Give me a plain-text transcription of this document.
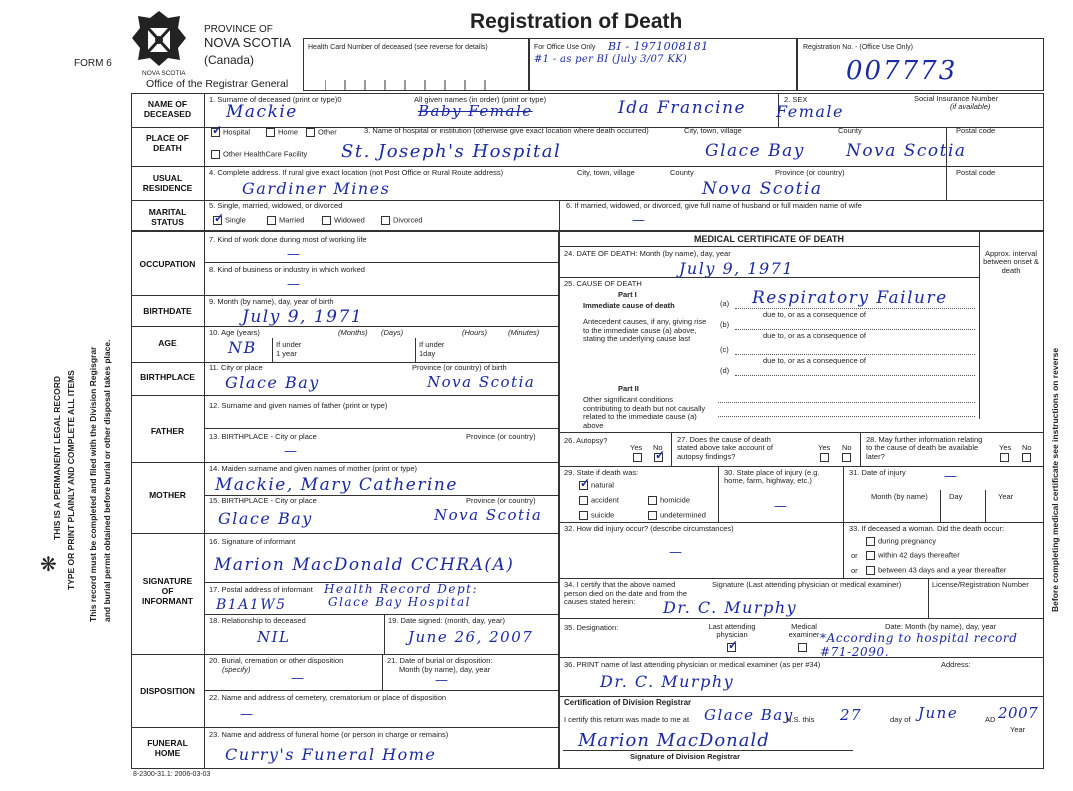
NOVA SCOTIA
PROVINCE OF
NOVA SCOTIA
(Canada)
Office of the Registrar General
FORM 6
Registration of Death
Health Card Number of deceased (see reverse for details)	For Office Use Only BI - 1971008181
#1 - as per BI (July 3/07 KK)
Registration No. - (Office Use Only)
007773
❋
THIS IS A PERMANENT LEGAL RECORD TYPE OR PRINT PLAINLY AND COMPLETE ALL ITEMS This record must be completed and filed with the Division Regisgrar and burial permit obtained before burial or other disposal takes place.	Before completing medical certificate see instructions on reverse
NAME OF
DECEASED
PLACE OF
DEATH
USUAL
RESIDENCE
MARITAL
STATUS
OCCUPATION
BIRTHDATE
AGE
BIRTHPLACE
FATHER
MOTHER
SIGNATURE
OF
INFORMANT
DISPOSITION
FUNERAL
HOME
1. Surname of deceased (print or type)0
Mackie
All given names (in order) (print or type)
Baby Female	Ida Francine	2. SEX
Female
Social Insurance Number
(if available)
✓Hospital	Home	Other
Other HealthCare Facility
3. Name of hospital or institution (otherwise give exact location where death occurred)	City, town, village	County	Postal code
St. Joseph's Hospital	Glace Bay Nova Scotia
4. Complete address. If rural give exact location (not Post Office or Rural Route address)	City, town, village	County	Province (or country)	Postal code
Gardiner Mines	Nova Scotia
5. Single, married, widowed, or divorced
✓Single	Married	Widowed	Divorced
6. If married, widowed, or divorced, give full name of husband or full maiden name of wife
—
7. Kind of work done during most of working life
—
8. Kind of business or industry in which worked
—
9. Month (by name), day, year of birth
July 9, 1971
10. Age (years)	(Months) (Days)	(Hours)	(Minutes)
NB	If under
1 year
If under
1day
11. City or place	Province (or country) of birth
Glace Bay	Nova Scotia
12. Surname and given names of father (print or type)
13. BIRTHPLACE - City or place	Province (or country)
—
14. Maiden surname and given names of mother (print or type)
Mackie, Mary Catherine
15. BIRTHPLACE - City or place	Province (or country)
Glace Bay	Nova Scotia
16. Signature of informant
Marion MacDonald CCHRA(A)
17. Postal address of informant Health Record Dept:
B1A1W5	Glace Bay Hospital
18. Relationship to deceased
NIL
19. Date signed: (month, day, year)
June 26, 2007
20. Burial, cremation or other disposition
(specify)
—
21. Date of burial or disposition:
Month (by name), day, year
—
22. Name and address of cemetery, crematorium or place of disposition
—
23. Name and address of funeral home (or person in charge or remains)
Curry's Funeral Home
MEDICAL CERTIFICATE OF DEATH
Approx. interval between onset & death
24. DATE OF DEATH: Month (by name), day, year
July 9, 1971
25. CAUSE OF DEATH
Part I
Immediate cause of death
Antecedent causes, if any, giving rise to the immediate cause (a) above, stating the underlying cause last
(a)
(b)
(c)
(d)
Respiratory Failure
due to, or as a consequence of
due to, or as a consequence of
due to, or as a consequence of
Part II
Other significant conditions contributing to death but not causally related to the immediate cause (a) above
26. Autopsy?
Yes No
✓
27. Does the cause of death stated above take account of autopsy findings?
Yes No
28. May further information relating to the cause of death be available later?
Yes No
29. State if death was:
✓natural
accident	homicide
suicide	undetermined
30. State place of injury (e.g. home, farm, highway, etc.)
—
31. Date of injury	—
Month (by name)	Day	Year
32. How did injury occur? (describe circumstances)
—
33. If deceased a woman. Did the death occur:
during pregnancy
or	within 42 days thereafter
or	between 43 days and a year thereafter
34. I certify that the above named person died on the date and from the causes stated herein:
Signature (Last attending physician or medical examiner)	License/Registration Number
Dr. C. Murphy
35. Designation:	Last attending physician
✓
Medical examiner
Date: Month (by name), day, year
*According to hospital record #71-2090.
36. PRINT name of last attending physician or medical examiner (as per #34)	Address:
Dr. C. Murphy
Certification of Division Registrar
I certify this return was made to me at Glace Bay
N.S. this 27	day of June	AD 2007
Year
Marion MacDonald
Signature of Division Registrar
8-2300-31.1: 2006-03-03
